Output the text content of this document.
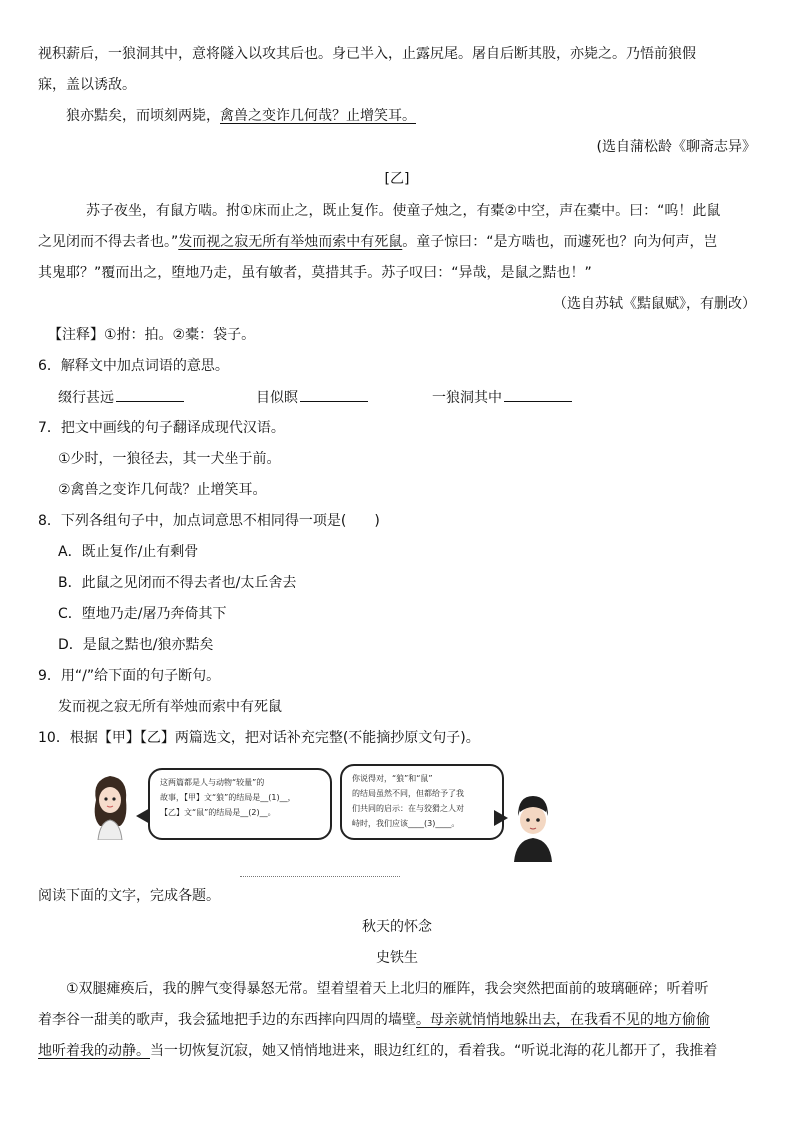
视积薪后，一狼洞其中，意将隧入以攻其后也。身已半入，止露尻尾。屠自后断其股，亦毙之。乃悟前狼假
寐，盖以诱敌。
狼亦黠矣，而顷刻两毙，禽兽之变诈几何哉？止增笑耳。
(选自蒲松龄《聊斋志异》
[乙]
苏子夜坐，有鼠方啮。拊①床而止之，既止复作。使童子烛之，有橐②中空，声在橐中。曰：“呜！此鼠
之见闭而不得去者也。”发而视之寂无所有举烛而索中有死鼠。童子惊曰：“是方啮也，而遽死也？向为何声，岂
其鬼耶？”覆而出之，堕地乃走，虽有敏者，莫措其手。苏子叹曰：“异哉，是鼠之黠也！”
（选自苏轼《黠鼠赋》，有删改）
【注释】①拊：拍。②橐：袋子。
6．解释文中加点词语的意思。
缀行甚远	目似瞑	一狼洞其中
7．把文中画线的句子翻译成现代汉语。
①少时，一狼径去，其一犬坐于前。
②禽兽之变诈几何哉？止增笑耳。
8．下列各组句子中，加点词意思不相同得一项是(　　)
A．既止复作/止有剩骨
B．此鼠之见闭而不得去者也/太丘舍去
C．堕地乃走/屠乃奔倚其下
D．是鼠之黠也/狼亦黠矣
9．用“/”给下面的句子断句。
发而视之寂无所有举烛而索中有死鼠
10．根据【甲】【乙】两篇选文，把对话补充完整(不能摘抄原文句子)。
这两篇都是人与动物“较量”的
故事，【甲】文“狼”的结局是__(1)__，
【乙】文“鼠”的结局是__(2)__。
你说得对，“狼”和“鼠”
的结局虽然不同，但都给予了我
们共同的启示：在与狡猾之人对
峙时，我们应该____(3)____。
阅读下面的文字，完成各题。
秋天的怀念
史铁生
①双腿瘫痪后，我的脾气变得暴怒无常。望着望着天上北归的雁阵，我会突然把面前的玻璃砸碎；听着听
着李谷一甜美的歌声，我会猛地把手边的东西摔向四周的墙壁。母亲就悄悄地躲出去，在我看不见的地方偷偷
地听着我的动静。当一切恢复沉寂，她又悄悄地进来，眼边红红的，看着我。“听说北海的花儿都开了，我推着
